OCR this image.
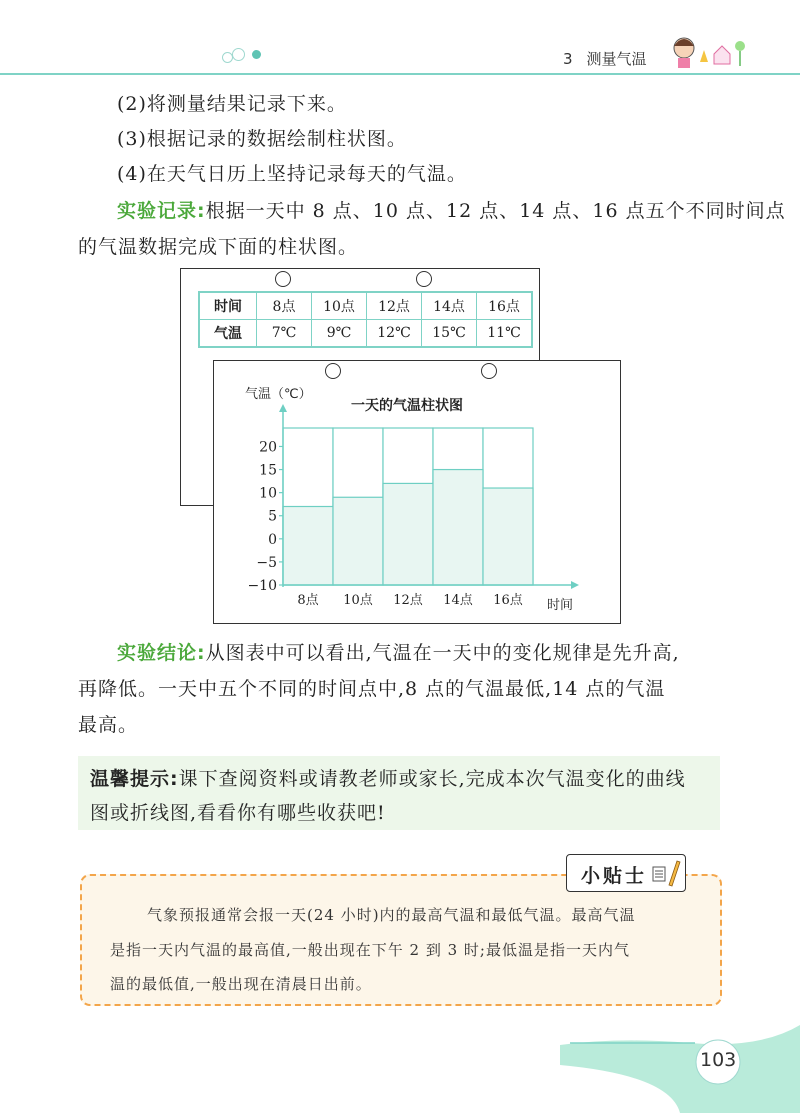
3 测量气温
(2)将测量结果记录下来。
(3)根据记录的数据绘制柱状图。
(4)在天气日历上坚持记录每天的气温。
实验记录:根据一天中 8 点、10 点、12 点、14 点、16 点五个不同时间点
的气温数据完成下面的柱状图。
时间	8点	10点	12点	14点	16点
气温	7℃	9℃	12℃	15℃	11℃
8点 10点 12点 14点 16点
20
15
10
5
0
−5
−10
气温（℃）
一天的气温柱状图
时间
实验结论:从图表中可以看出,气温在一天中的变化规律是先升高,
再降低。一天中五个不同的时间点中,8 点的气温最低,14 点的气温
最高。
温馨提示:课下查阅资料或请教老师或家长,完成本次气温变化的曲线
图或折线图,看看你有哪些收获吧!
小贴士
气象预报通常会报一天(24 小时)内的最高气温和最低气温。最高气温
是指一天内气温的最高值,一般出现在下午 2 到 3 时;最低温是指一天内气
温的最低值,一般出现在清晨日出前。
103
